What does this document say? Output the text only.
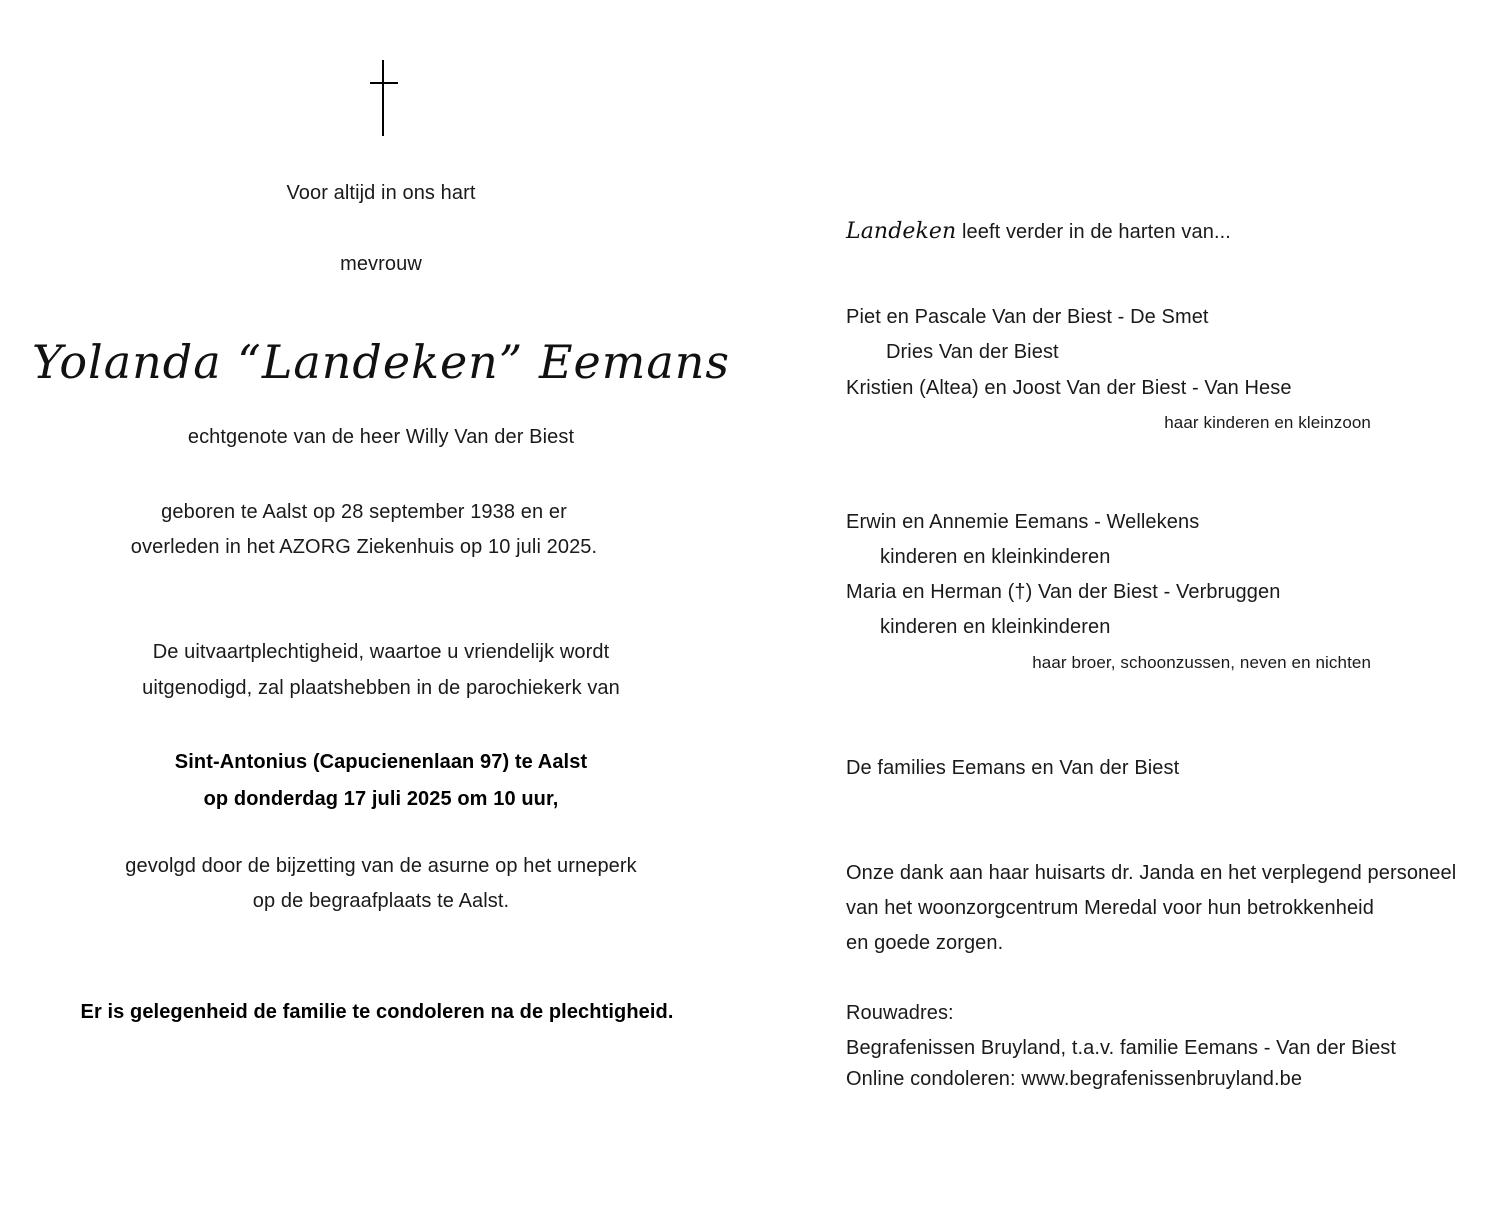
Voor altijd in ons hart
mevrouw
Yolanda “Landeken” Eemans
echtgenote van de heer Willy Van der Biest
geboren te Aalst op 28 september 1938 en er
overleden in het AZORG Ziekenhuis op 10 juli 2025.
De uitvaartplechtigheid, waartoe u vriendelijk wordt
uitgenodigd, zal plaatshebben in de parochiekerk van
Sint-Antonius (Capucienenlaan 97) te Aalst
op donderdag 17 juli 2025 om 10 uur,
gevolgd door de bijzetting van de asurne op het urneperk
op de begraafplaats te Aalst.
Er is gelegenheid de familie te condoleren na de plechtigheid.
Landeken leeft verder in de harten van...
Piet en Pascale Van der Biest - De Smet
Dries Van der Biest
Kristien (Altea) en Joost Van der Biest - Van Hese
haar kinderen en kleinzoon
Erwin en Annemie Eemans - Wellekens
kinderen en kleinkinderen
Maria en Herman (†) Van der Biest - Verbruggen
kinderen en kleinkinderen
haar broer, schoonzussen, neven en nichten
De families Eemans en Van der Biest
Onze dank aan haar huisarts dr. Janda en het verplegend personeel
van het woonzorgcentrum Meredal voor hun betrokkenheid
en goede zorgen.
Rouwadres:
Begrafenissen Bruyland, t.a.v. familie Eemans - Van der Biest
Online condoleren: www.begrafenissenbruyland.be
